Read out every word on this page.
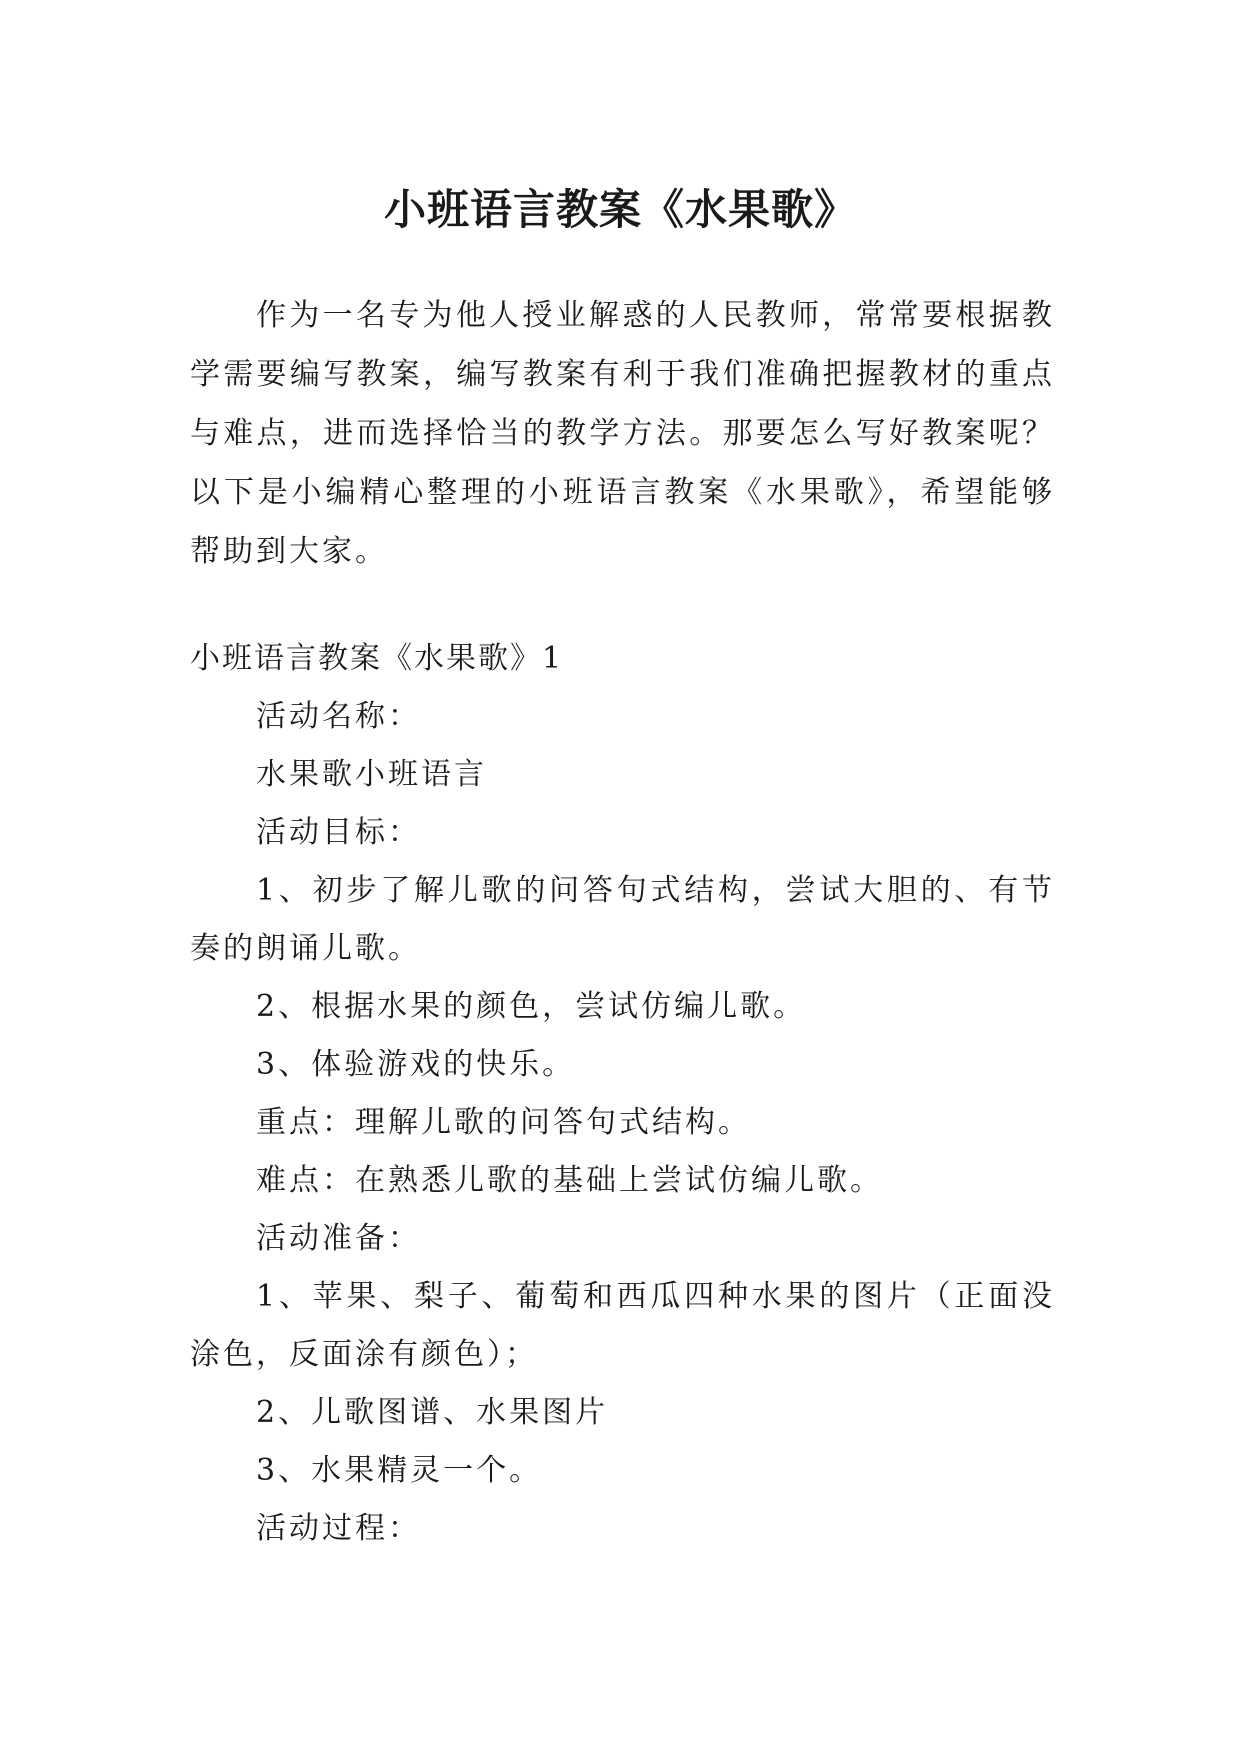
小班语言教案《水果歌》

作为一名专为他人授业解惑的人民教师，常常要根据教学需要编写教案，编写教案有利于我们准确把握教材的重点与难点，进而选择恰当的教学方法。那要怎么写好教案呢？以下是小编精心整理的小班语言教案《水果歌》，希望能够帮助到大家。

小班语言教案《水果歌》1

活动名称：

水果歌小班语言

活动目标：

1、初步了解儿歌的问答句式结构，尝试大胆的、有节奏的朗诵儿歌。

2、根据水果的颜色，尝试仿编儿歌。

3、体验游戏的快乐。

重点：理解儿歌的问答句式结构。

难点：在熟悉儿歌的基础上尝试仿编儿歌。

活动准备：

1、苹果、梨子、葡萄和西瓜四种水果的图片（正面没涂色，反面涂有颜色）；

2、儿歌图谱、水果图片

3、水果精灵一个。

活动过程：
